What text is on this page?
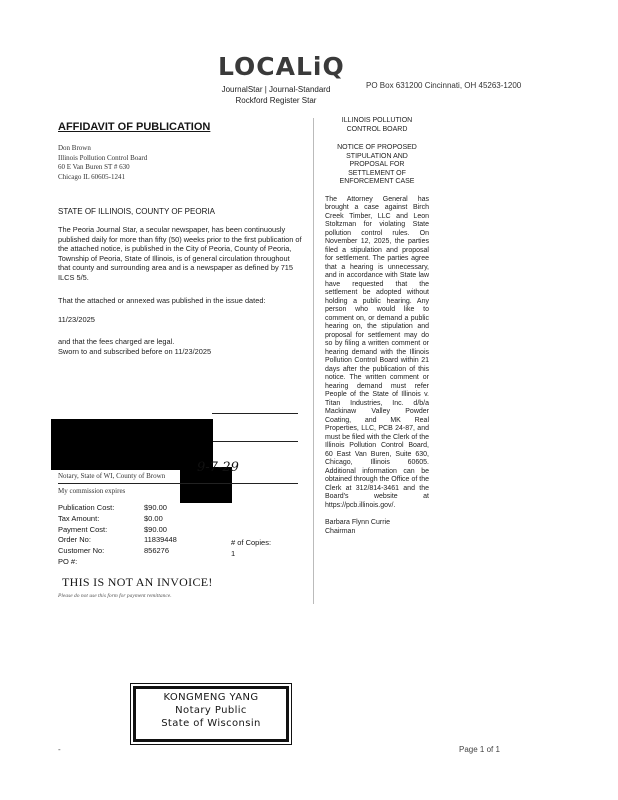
LOCALiQ
JournalStar | Journal-Standard
Rockford Register Star
PO Box 631200 Cincinnati, OH 45263-1200
AFFIDAVIT OF PUBLICATION
Don Brown
Illinois Pollution Control Board
60 E Van Buren ST # 630
Chicago IL 60605-1241
STATE OF ILLINOIS, COUNTY OF PEORIA
The Peoria Journal Star, a secular newspaper, has been continuously published daily for more than fifty (50) weeks prior to the first publication of the attached notice, is published in the City of Peoria, County of Peoria, Township of Peoria, State of Illinois, is of general circulation throughout that county and surrounding area and is a newspaper as defined by 715 ILCS 5/5.
That the attached or annexed was published in the issue dated:
11/23/2025
and that the fees charged are legal.
Sworn to and subscribed before on 11/23/2025
Notary, State of WI, County of Brown
9-7-29
My commission expires
Publication Cost:	$90.00
Tax Amount:	$0.00
Payment Cost:	$90.00
Order No:	11839448
Customer No:	856276
PO #:
# of Copies:
1
THIS IS NOT AN INVOICE!
Please do not use this form for payment remittance.
ILLINOIS POLLUTION
CONTROL BOARD
NOTICE OF PROPOSED
STIPULATION AND
PROPOSAL FOR
SETTLEMENT OF
ENFORCEMENT CASE
The Attorney General has brought a case against Birch Creek Timber, LLC and Leon Stoltzman for violating State pollution control rules. On November 12, 2025, the parties filed a stipulation and proposal for settlement. The parties agree that a hearing is unnecessary, and in accordance with State law have requested that the settlement be adopted without holding a public hearing. Any person who would like to comment on, or demand a public hearing on, the stipulation and proposal for settlement may do so by filing a written comment or hearing demand with the Illinois Pollution Control Board within 21 days after the publication of this notice. The written comment or hearing demand must refer People of the State of Illinois v. Titan Industries, Inc. d/b/a Mackinaw Valley Powder Coating, and MK Real Properties, LLC, PCB 24-87, and must be filed with the Clerk of the Illinois Pollution Control Board, 60 East Van Buren, Suite 630, Chicago, Illinois 60605. Additional information can be obtained through the Office of the Clerk at 312/814-3461 and the Board's website at https://pcb.illinois.gov/.
Barbara Flynn Currie
Chairman
KONGMENG YANG
Notary Public
State of Wisconsin
-	Page 1 of 1
